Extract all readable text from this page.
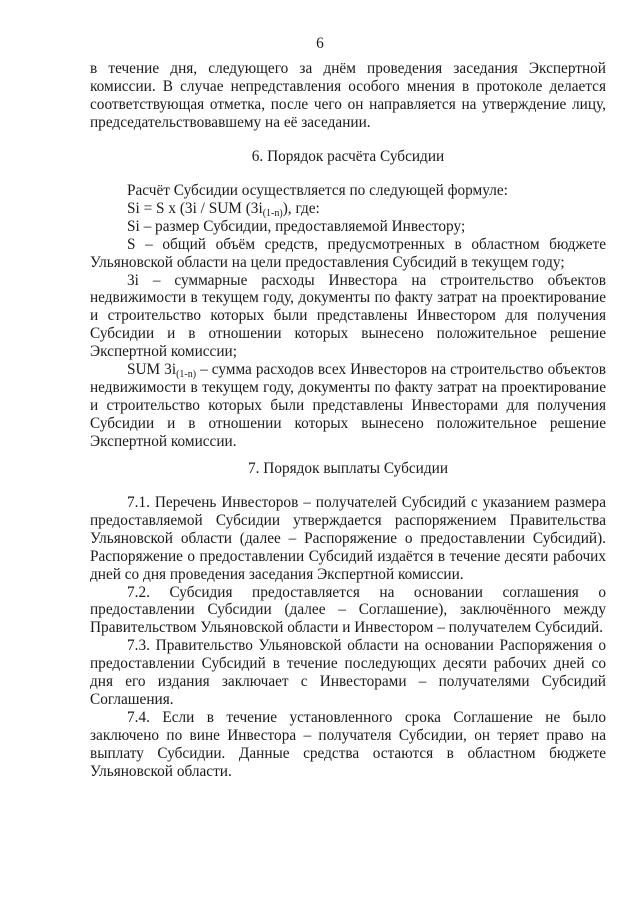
6

в течение дня, следующего за днём проведения заседания Экспертной комиссии. В случае непредставления особого мнения в протоколе делается соответствующая отметка, после чего он направляется на утверждение лицу, председательствовавшему на её заседании.

6. Порядок расчёта Субсидии

Расчёт Субсидии осуществляется по следующей формуле:

Si = S x (3i / SUM $(3i_{(1-n)})$, где:

Si – размер Субсидии, предоставляемой Инвестору;

S – общий объём средств, предусмотренных в областном бюджете Ульяновской области на цели предоставления Субсидий в текущем году;

3i – суммарные расходы Инвестора на строительство объектов недвижимости в текущем году, документы по факту затрат на проектирование и строительство которых были представлены Инвестором для получения Субсидии и в отношении которых вынесено положительное решение Экспертной комиссии;

SUM $3i_{(1-n)}$ – сумма расходов всех Инвесторов на строительство объектов недвижимости в текущем году, документы по факту затрат на проектирование и строительство которых были представлены Инвесторами для получения Субсидии и в отношении которых вынесено положительное решение Экспертной комиссии.

7. Порядок выплаты Субсидии

7.1. Перечень Инвесторов – получателей Субсидий с указанием размера предоставляемой Субсидии утверждается распоряжением Правительства Ульяновской области (далее – Распоряжение о предоставлении Субсидий). Распоряжение о предоставлении Субсидий издаётся в течение десяти рабочих дней со дня проведения заседания Экспертной комиссии.

7.2. Субсидия предоставляется на основании соглашения о предоставлении Субсидии (далее – Соглашение), заключённого между Правительством Ульяновской области и Инвестором – получателем Субсидий.

7.3. Правительство Ульяновской области на основании Распоряжения о предоставлении Субсидий в течение последующих десяти рабочих дней со дня его издания заключает с Инвесторами – получателями Субсидий Соглашения.

7.4. Если в течение установленного срока Соглашение не было заключено по вине Инвестора – получателя Субсидии, он теряет право на выплату Субсидии. Данные средства остаются в областном бюджете Ульяновской области.
